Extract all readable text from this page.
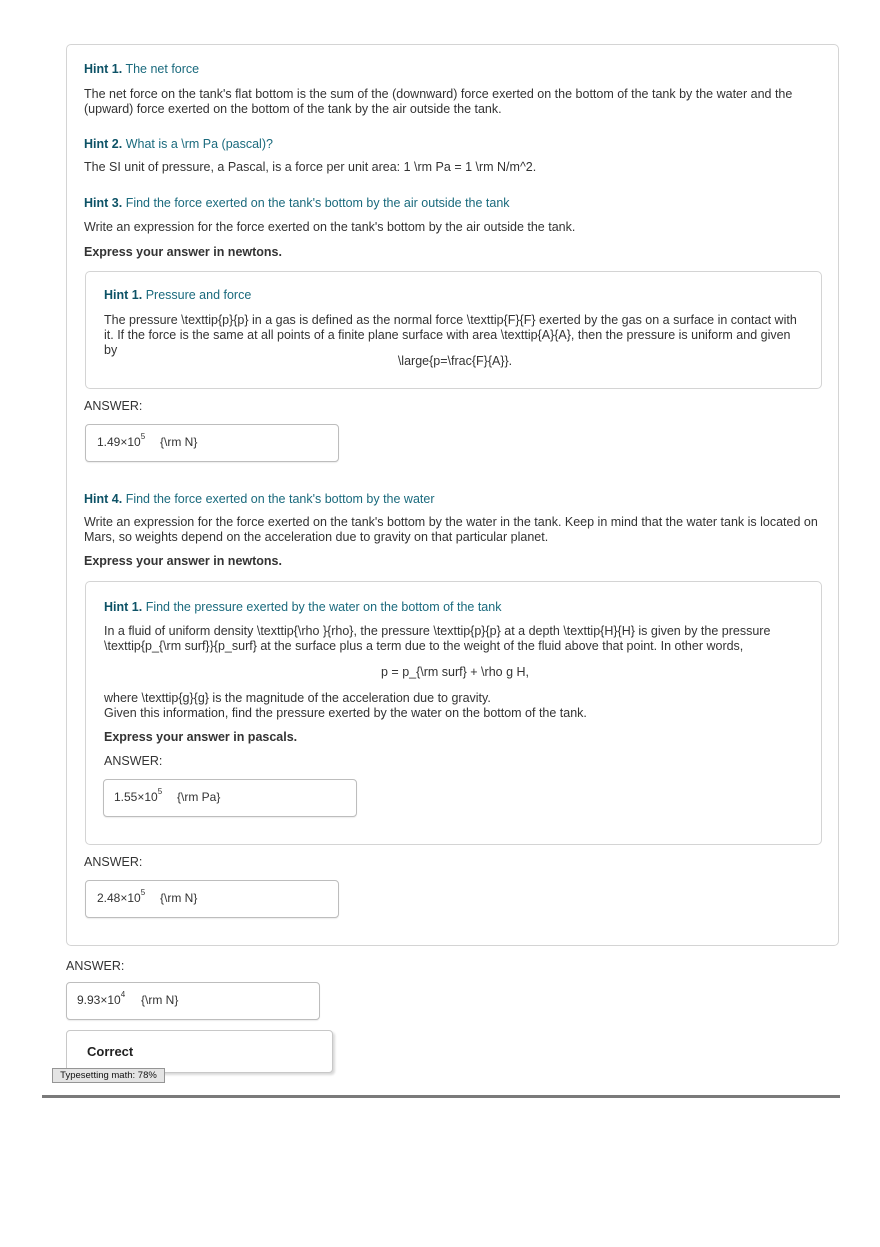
Hint 1. The net force
The net force on the tank's flat bottom is the sum of the (downward) force exerted on the bottom of the tank by the water and the (upward) force exerted on the bottom of the tank by the air outside the tank.
Hint 2. What is a \rm Pa (pascal)?
The SI unit of pressure, a Pascal, is a force per unit area: 1 \rm Pa = 1 \rm N/m^2.
Hint 3. Find the force exerted on the tank's bottom by the air outside the tank
Write an expression for the force exerted on the tank's bottom by the air outside the tank.
Express your answer in newtons.
Hint 1. Pressure and force
The pressure \texttip{p}{p} in a gas is defined as the normal force \texttip{F}{F} exerted by the gas on a surface in contact with it. If the force is the same at all points of a finite plane surface with area \texttip{A}{A}, then the pressure is uniform and given by
\large{p=\frac{F}{A}}.
ANSWER:
$1.49\times 10^5$ {\rm N}
Hint 4. Find the force exerted on the tank's bottom by the water
Write an expression for the force exerted on the tank's bottom by the water in the tank. Keep in mind that the water tank is located on Mars, so weights depend on the acceleration due to gravity on that particular planet.
Express your answer in newtons.
Hint 1. Find the pressure exerted by the water on the bottom of the tank
In a fluid of uniform density \texttip{\rho }{rho}, the pressure \texttip{p}{p} at a depth \texttip{H}{H} is given by the pressure \texttip{p_{\rm surf}}{p_surf} at the surface plus a term due to the weight of the fluid above that point. In other words,
p = p_{\rm surf} + \rho g H,
where \texttip{g}{g} is the magnitude of the acceleration due to gravity.
Given this information, find the pressure exerted by the water on the bottom of the tank.
Express your answer in pascals.
ANSWER:
$1.55\times 10^5$ {\rm Pa}
ANSWER:
$2.48\times 10^5$ {\rm N}
ANSWER:
$9.93\times 10^4$ {\rm N}
Correct
Typesetting math: 78%
